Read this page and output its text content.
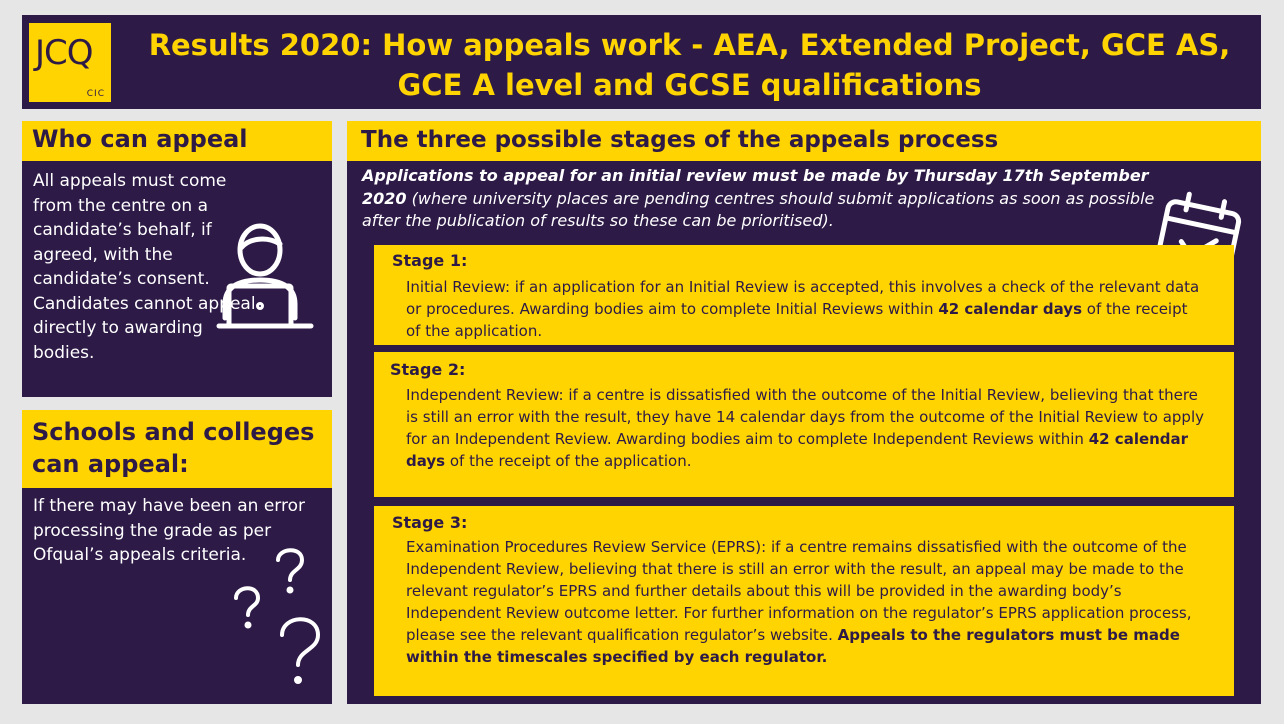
JCQ
CIC
Results 2020: How appeals work - AEA, Extended Project, GCE AS, GCE A level and GCSE qualifications
Who can appeal
All appeals must come from the centre on a candidate’s behalf, if agreed, with the candidate’s consent. Candidates cannot appeal directly to awarding bodies.
Schools and colleges can appeal:
If there may have been an error processing the grade as per Ofqual’s appeals criteria.
The three possible stages of the appeals process
Applications to appeal for an initial review must be made by Thursday 17th September 2020 (where university places are pending centres should submit applications as soon as possible after the publication of results so these can be prioritised).
Stage 1:
Initial Review: if an application for an Initial Review is accepted, this involves a check of the relevant data or procedures. Awarding bodies aim to complete Initial Reviews within 42 calendar days of the receipt of the application.
Stage 2:
Independent Review: if a centre is dissatisfied with the outcome of the Initial Review, believing that there is still an error with the result, they have 14 calendar days from the outcome of the Initial Review to apply for an Independent Review. Awarding bodies aim to complete Independent Reviews within 42 calendar days of the receipt of the application.
Stage 3:
Examination Procedures Review Service (EPRS): if a centre remains dissatisfied with the outcome of the Independent Review, believing that there is still an error with the result, an appeal may be made to the relevant regulator’s EPRS and further details about this will be provided in the awarding body’s Independent Review outcome letter. For further information on the regulator’s EPRS application process, please see the relevant qualification regulator’s website. Appeals to the regulators must be made within the timescales specified by each regulator.
